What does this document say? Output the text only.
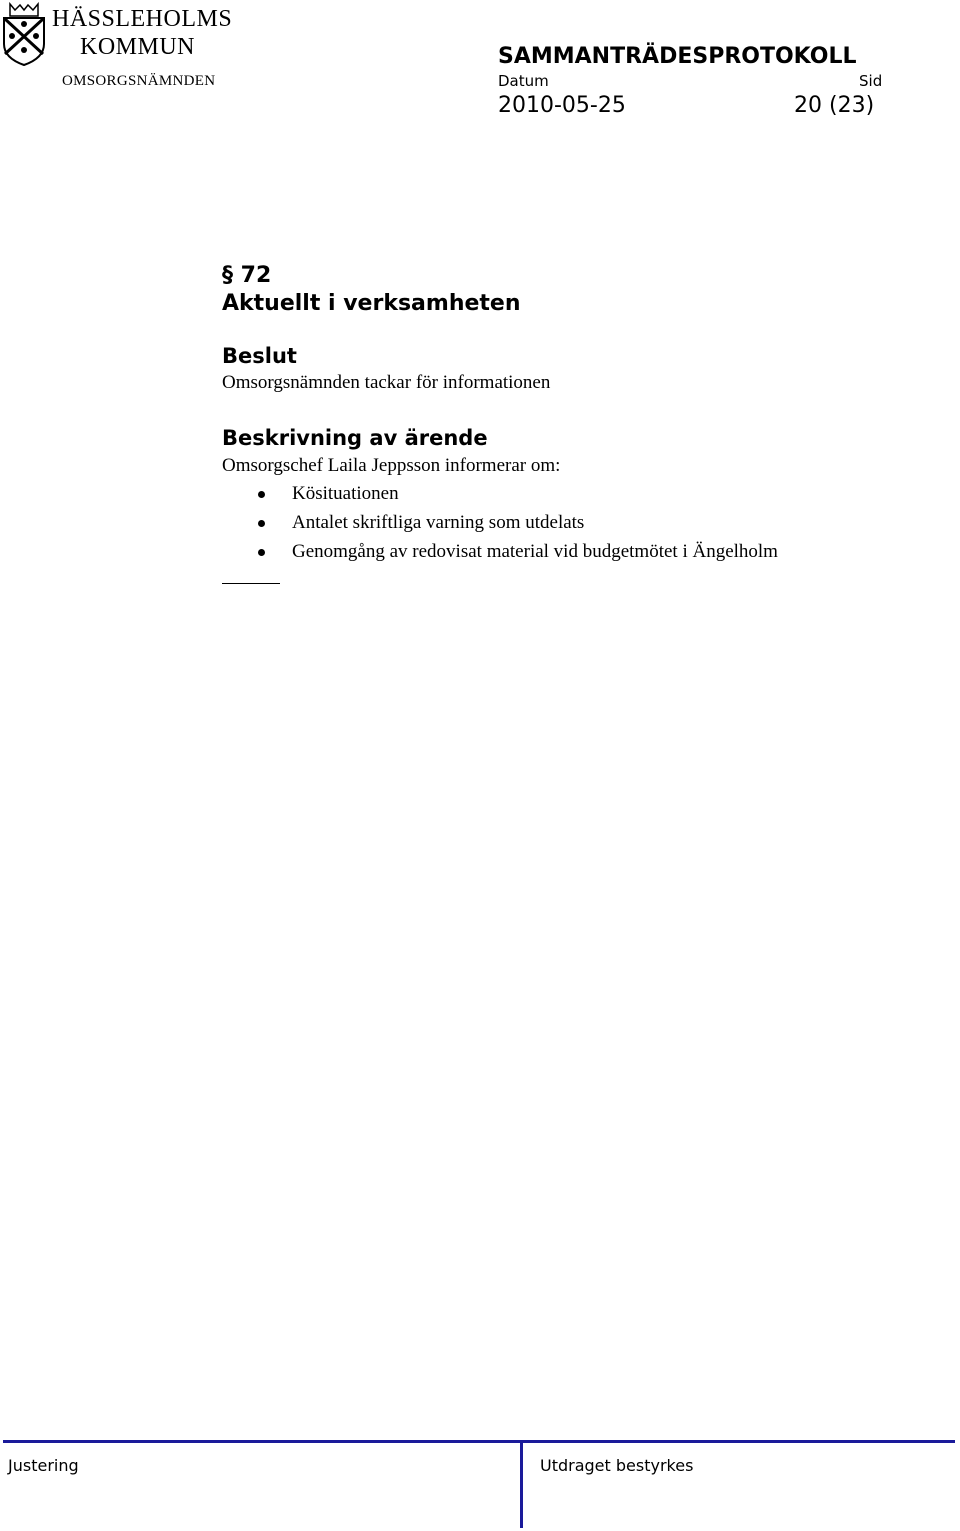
HÄSSLEHOLMS
KOMMUN
OMSORGSNÄMNDEN
SAMMANTRÄDESPROTOKOLL
Datum	Sid
2010-05-25	20 (23)
§ 72
Aktuellt i verksamheten
Beslut
Omsorgsnämnden tackar för informationen
Beskrivning av ärende
Omsorgschef Laila Jeppsson informerar om:
Kösituationen
Antalet skriftliga varning som utdelats
Genomgång av redovisat material vid budgetmötet i Ängelholm
Justering	Utdraget bestyrkes
